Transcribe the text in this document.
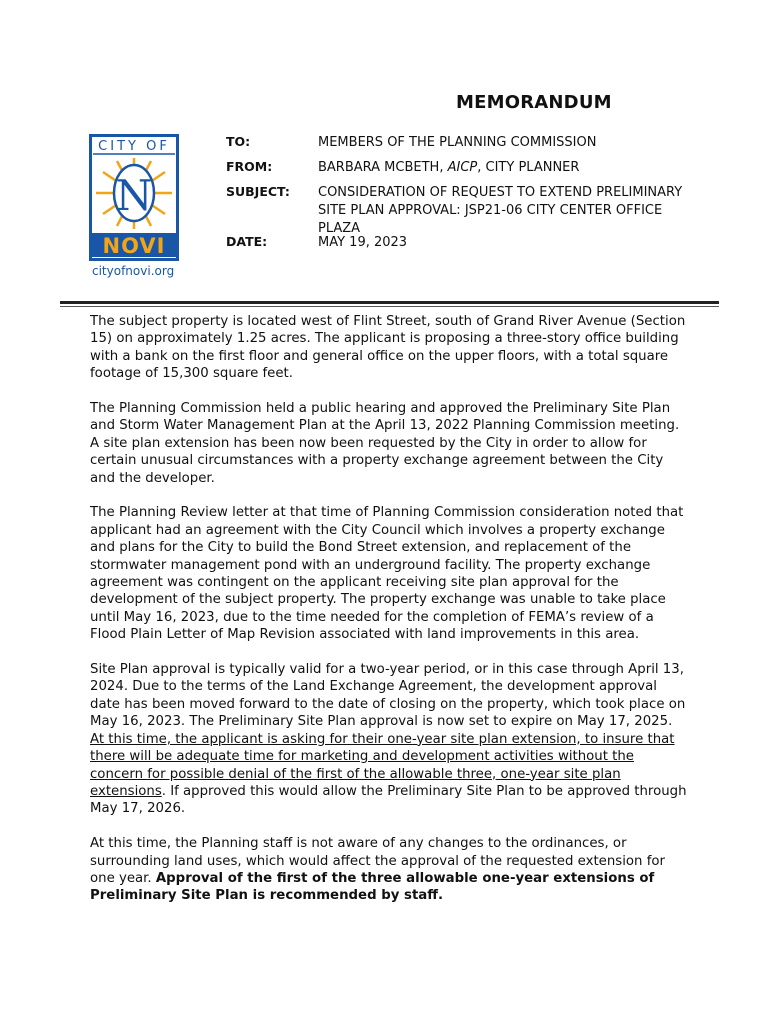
MEMORANDUM
CITY OF
N
NOVI
cityofnovi.org
TO:	MEMBERS OF THE PLANNING COMMISSION
FROM:	BARBARA MCBETH, AICP, CITY PLANNER
SUBJECT: CONSIDERATION OF REQUEST TO EXTEND PRELIMINARY
SITE PLAN APPROVAL: JSP21-06 CITY CENTER OFFICE
PLAZA
DATE:	MAY 19, 2023

The subject property is located west of Flint Street, south of Grand River Avenue (Section 15) on approximately 1.25 acres. The applicant is proposing a three-story office building with a bank on the first floor and general office on the upper floors, with a total square footage of 15,300 square feet.

The Planning Commission held a public hearing and approved the Preliminary Site Plan and Storm Water Management Plan at the April 13, 2022 Planning Commission meeting. A site plan extension has been now been requested by the City in order to allow for certain unusual circumstances with a property exchange agreement between the City and the developer.

The Planning Review letter at that time of Planning Commission consideration noted that applicant had an agreement with the City Council which involves a property exchange and plans for the City to build the Bond Street extension, and replacement of the stormwater management pond with an underground facility. The property exchange agreement was contingent on the applicant receiving site plan approval for the development of the subject property. The property exchange was unable to take place until May 16, 2023, due to the time needed for the completion of FEMA’s review of a Flood Plain Letter of Map Revision associated with land improvements in this area.

Site Plan approval is typically valid for a two-year period, or in this case through April 13, 2024. Due to the terms of the Land Exchange Agreement, the development approval date has been moved forward to the date of closing on the property, which took place on May 16, 2023. The Preliminary Site Plan approval is now set to expire on May 17, 2025. At this time, the applicant is asking for their one-year site plan extension, to insure that there will be adequate time for marketing and development activities without the concern for possible denial of the first of the allowable three, one-year site plan extensions. If approved this would allow the Preliminary Site Plan to be approved through May 17, 2026.

At this time, the Planning staff is not aware of any changes to the ordinances, or surrounding land uses, which would affect the approval of the requested extension for one year. Approval of the first of the three allowable one-year extensions of Preliminary Site Plan is recommended by staff.
